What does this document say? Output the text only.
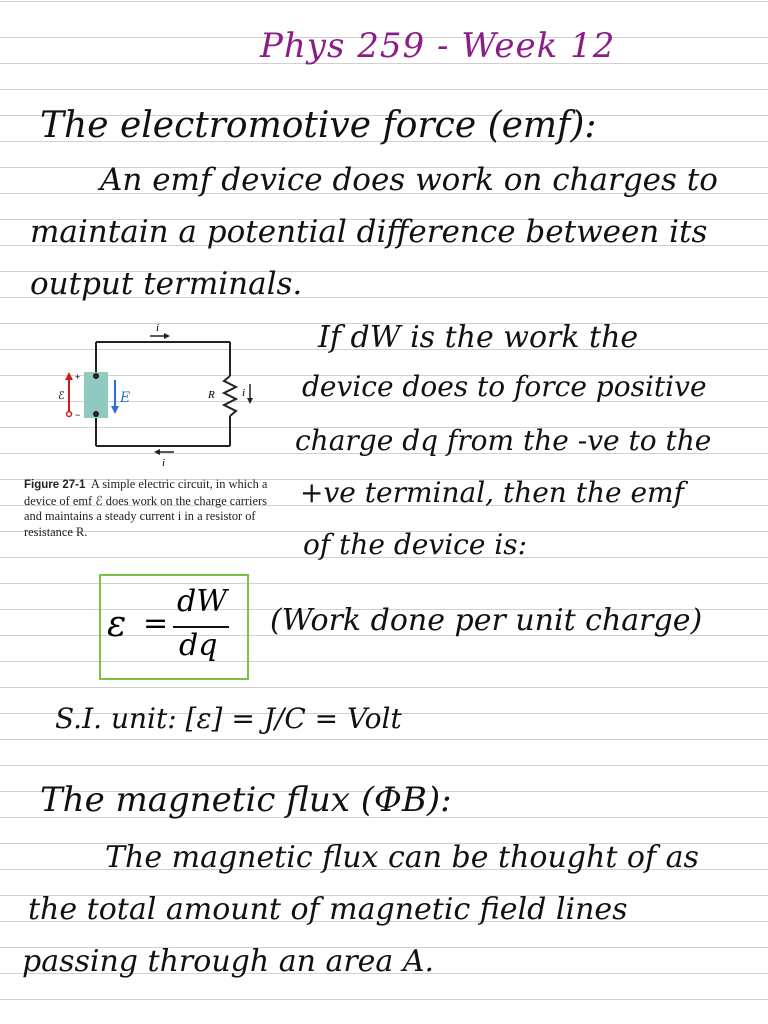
Phys 259 - Week 12
The electromotive force (emf):
An emf device does work on charges to
maintain a potential difference between its
output terminals.
i
i
i
R
ℰ	E
+
−
Figure 27-1 A simple electric circuit, in which a device of emf ℰ does work on the charge carriers and maintains a steady current i in a resistor of resistance R.
If dW is the work the
device does to force positive
charge dq from the -ve to the
+ve terminal, then the emf
of the device is:
ε =
dW
dq
(Work done per unit charge)
S.I. unit: [ε] = J/C = Volt
The magnetic flux (ΦB):
The magnetic flux can be thought of as
the total amount of magnetic field lines
passing through an area A.
